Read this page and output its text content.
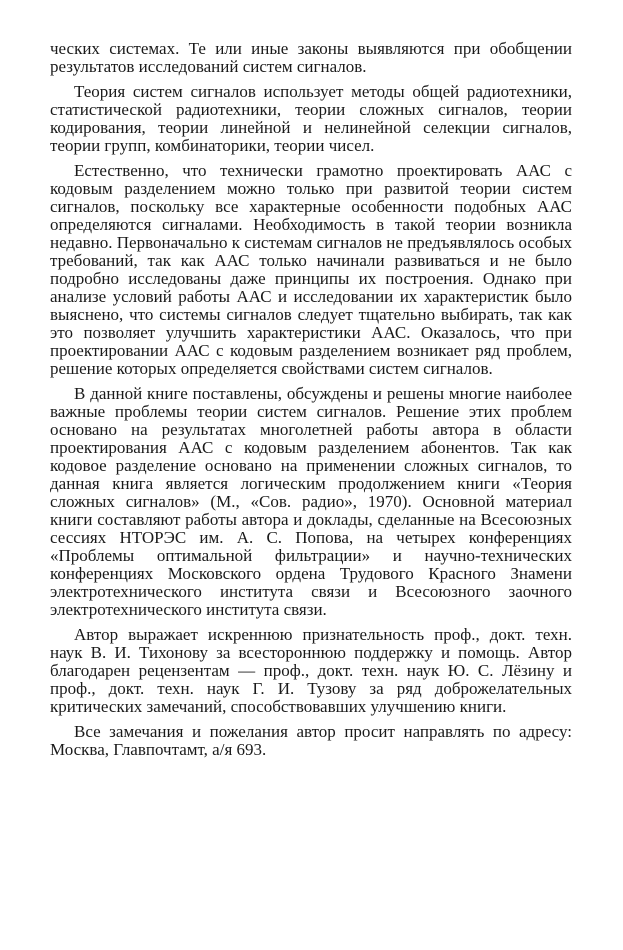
ческих системах. Те или иные законы выявляются при обобщении результатов исследований систем сигналов.

Теория систем сигналов использует методы общей радиотехники, статистической радиотехники, теории сложных сигналов, теории кодирования, теории линейной и нелинейной селекции сигналов, теории групп, комбинаторики, теории чисел.

Естественно, что технически грамотно проектировать ААС с кодовым разделением можно только при развитой теории систем сигналов, поскольку все характерные особенности подобных ААС определяются сигналами. Необходимость в такой теории возникла недавно. Первоначально к системам сигналов не предъявлялось особых требований, так как ААС только начинали развиваться и не было подробно исследованы даже принципы их построения. Однако при анализе условий работы ААС и исследовании их характеристик было выяснено, что системы сигналов следует тщательно выбирать, так как это позволяет улучшить характеристики ААС. Оказалось, что при проектировании ААС с кодовым разделением возникает ряд проблем, решение которых определяется свойствами систем сигналов.

В данной книге поставлены, обсуждены и решены многие наиболее важные проблемы теории систем сигналов. Решение этих проблем основано на результатах многолетней работы автора в области проектирования ААС с кодовым разделением абонентов. Так как кодовое разделение основано на применении сложных сигналов, то данная книга является логическим продолжением книги «Теория сложных сигналов» (М., «Сов. радио», 1970). Основной материал книги составляют работы автора и доклады, сделанные на Всесоюзных сессиях НТОРЭС им. А. С. Попова, на четырех конференциях «Проблемы оптимальной фильтрации» и научно-технических конференциях Московского ордена Трудового Красного Знамени электротехнического института связи и Всесоюзного заочного электротехнического института связи.

Автор выражает искреннюю признательность проф., докт. техн. наук В. И. Тихонову за всестороннюю поддержку и помощь. Автор благодарен рецензентам — проф., докт. техн. наук Ю. С. Лёзину и проф., докт. техн. наук Г. И. Тузову за ряд доброжелательных критических замечаний, способствовавших улучшению книги.

Все замечания и пожелания автор просит направлять по адресу: Москва, Главпочтамт, а/я 693.
